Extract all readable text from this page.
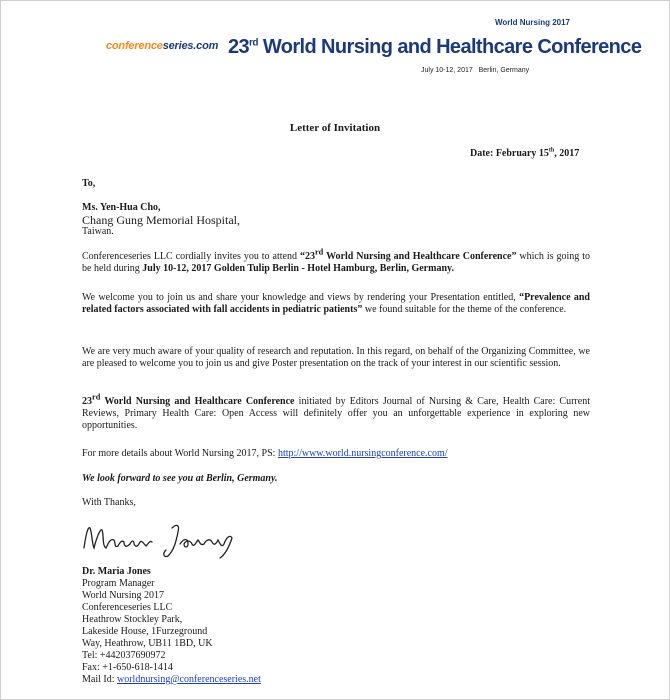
World Nursing 2017
conferenceseries.com 23rd World Nursing and Healthcare Conference
July 10-12, 2017   Berlin, Germany
Letter of Invitation
Date: February 15th, 2017
To,
Ms. Yen-Hua Cho,
Chang Gung Memorial Hospital,
Taiwan.
Conferenceseries LLC cordially invites you to attend “23rd World Nursing and Healthcare Conference” which is going to be held during July 10-12, 2017 Golden Tulip Berlin - Hotel Hamburg, Berlin, Germany.
We welcome you to join us and share your knowledge and views by rendering your Presentation entitled, “Prevalence and related factors associated with fall accidents in pediatric patients” we found suitable for the theme of the conference.
We are very much aware of your quality of research and reputation. In this regard, on behalf of the Organizing Committee, we are pleased to welcome you to join us and give Poster presentation on the track of your interest in our scientific session.
23rd World Nursing and Healthcare Conference initiated by Editors Journal of Nursing & Care, Health Care: Current Reviews, Primary Health Care: Open Access will definitely offer you an unforgettable experience in exploring new opportunities.
For more details about World Nursing 2017, PS: http://www.world.nursingconference.com/
We look forward to see you at Berlin, Germany.
With Thanks,
Dr. Maria Jones
Program Manager
World Nursing 2017
Conferenceseries LLC
Heathrow Stockley Park,
Lakeside House, 1Furzeground
Way, Heathrow, UB11 1BD, UK
Tel: +442037690972
Fax: +1-650-618-1414
Mail Id: worldnursing@conferenceseries.net
